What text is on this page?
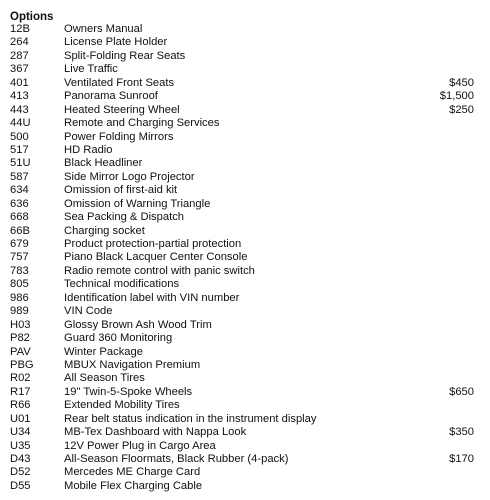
Options
12B	Owners Manual
264	License Plate Holder
287	Split-Folding Rear Seats
367	Live Traffic
401	Ventilated Front Seats	$450
413	Panorama Sunroof	$1,500
443	Heated Steering Wheel	$250
44U	Remote and Charging Services
500	Power Folding Mirrors
517	HD Radio
51U	Black Headliner
587	Side Mirror Logo Projector
634	Omission of first-aid kit
636	Omission of Warning Triangle
668	Sea Packing & Dispatch
66B	Charging socket
679	Product protection-partial protection
757	Piano Black Lacquer Center Console
783	Radio remote control with panic switch
805	Technical modifications
986	Identification label with VIN number
989	VIN Code
H03	Glossy Brown Ash Wood Trim
P82	Guard 360 Monitoring
PAV	Winter Package
PBG	MBUX Navigation Premium
R02	All Season Tires
R17	19" Twin-5-Spoke Wheels	$650
R66	Extended Mobility Tires
U01	Rear belt status indication in the instrument display
U34	MB-Tex Dashboard with Nappa Look	$350
U35	12V Power Plug in Cargo Area
D43	All-Season Floormats, Black Rubber (4-pack)	$170
D52	Mercedes ME Charge Card
D55	Mobile Flex Charging Cable
